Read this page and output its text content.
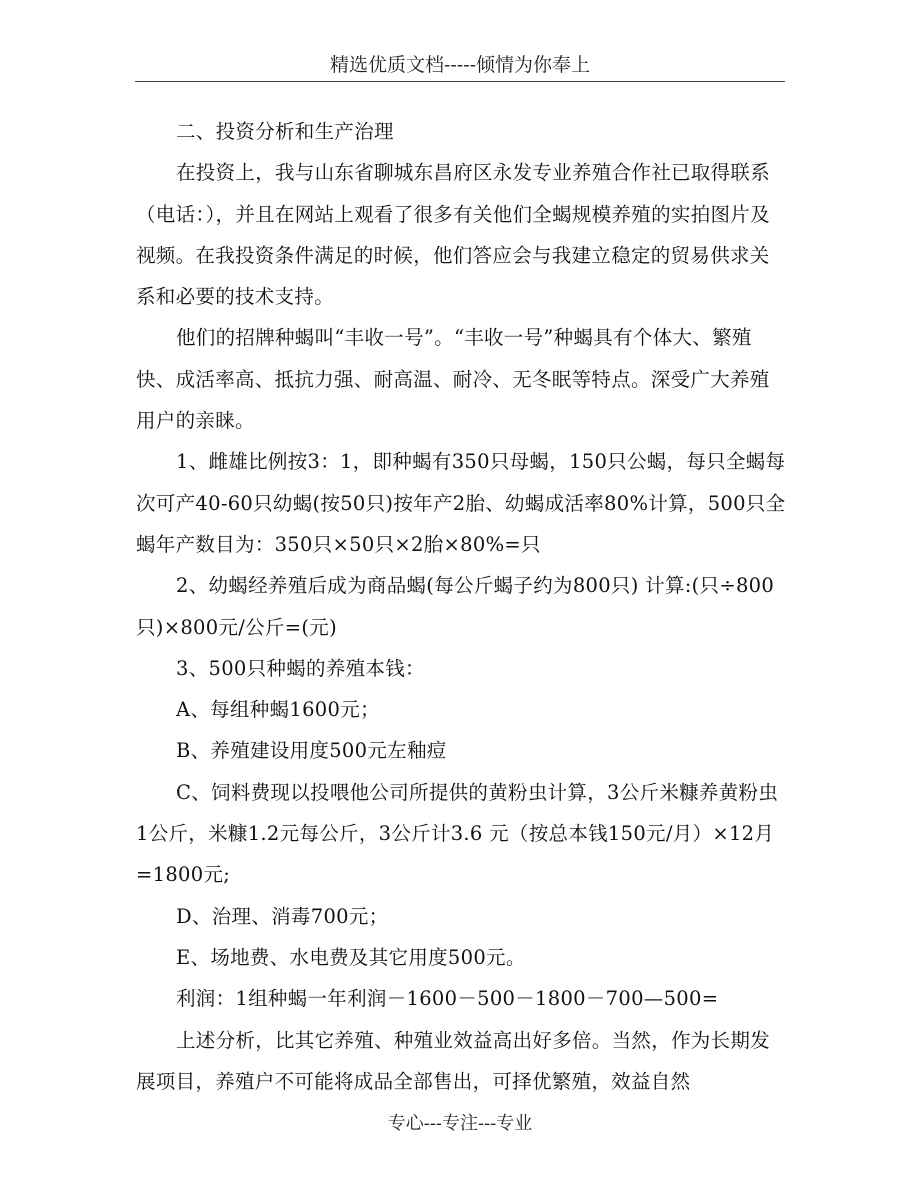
精选优质文档-----倾情为你奉上

二、投资分析和生产治理

在投资上，我与山东省聊城东昌府区永发专业养殖合作社已取得联系（电话：），并且在网站上观看了很多有关他们全蝎规模养殖的实拍图片及视频。在我投资条件满足的时候，他们答应会与我建立稳定的贸易供求关系和必要的技术支持。

他们的招牌种蝎叫“丰收一号”。“丰收一号”种蝎具有个体大、繁殖快、成活率高、抵抗力强、耐高温、耐冷、无冬眠等特点。深受广大养殖用户的亲睐。

1、雌雄比例按3：1，即种蝎有350只母蝎，150只公蝎，每只全蝎每次可产40-60只幼蝎(按50只)按年产2胎、幼蝎成活率80%计算，500只全蝎年产数目为：350只×50只×2胎×80%=只

2、幼蝎经养殖后成为商品蝎(每公斤蝎子约为800只) 计算:(只÷800只)×800元/公斤=(元)

3、500只种蝎的养殖本钱：

A、每组种蝎1600元；

B、养殖建设用度500元左釉痘

C、饲料费现以投喂他公司所提供的黄粉虫计算，3公斤米糠养黄粉虫1公斤，米糠1.2元每公斤，3公斤计3.6 元（按总本钱150元/月）×12月=1800元;

D、治理、消毒700元；

E、场地费、水电费及其它用度500元。

利润：1组种蝎一年利润－1600－500－1800－700—500=

上述分析，比其它养殖、种殖业效益高出好多倍。当然，作为长期发展项目，养殖户不可能将成品全部售出，可择优繁殖，效益自然

专心---专注---专业
